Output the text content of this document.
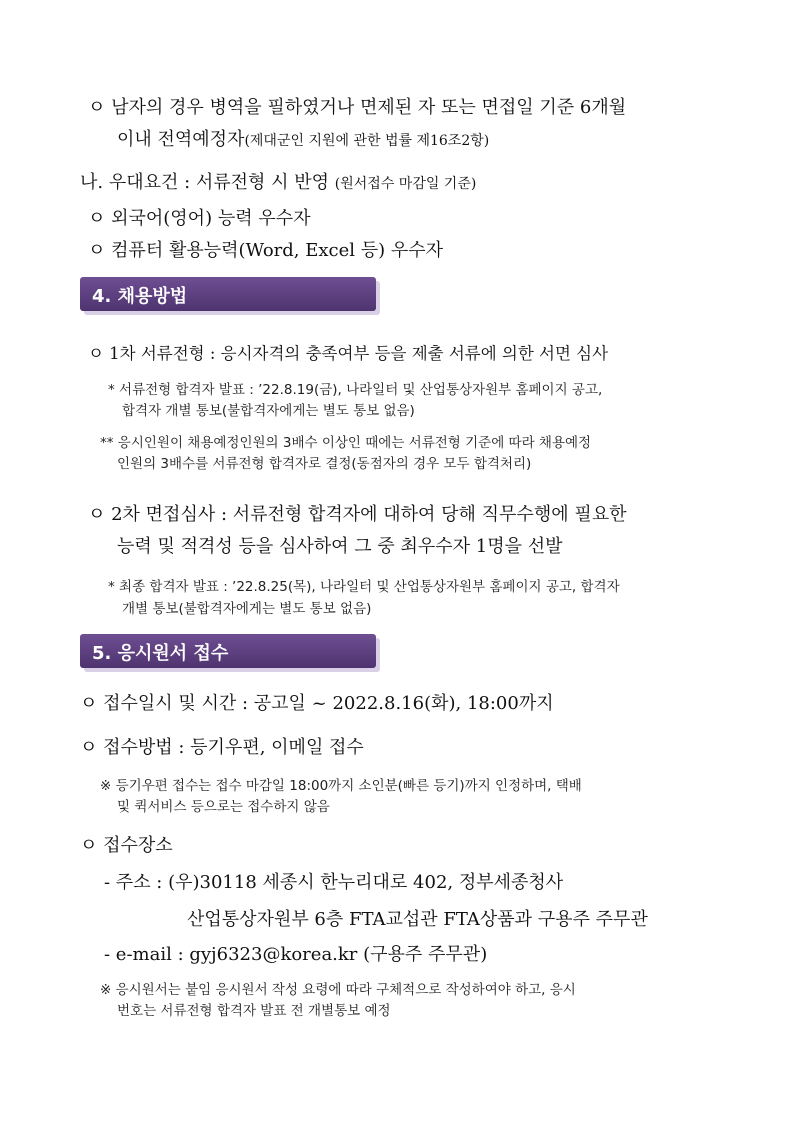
ㅇ 남자의 경우 병역을 필하였거나 면제된 자 또는 면접일 기준 6개월
이내 전역예정자(제대군인 지원에 관한 법률 제16조2항)
나. 우대요건 : 서류전형 시 반영 (원서접수 마감일 기준)
ㅇ 외국어(영어) 능력 우수자
ㅇ 컴퓨터 활용능력(Word, Excel 등) 우수자
4. 채용방법
ㅇ 1차 서류전형 : 응시자격의 충족여부 등을 제출 서류에 의한 서면 심사
* 서류전형 합격자 발표 : ’22.8.19(금), 나라일터 및 산업통상자원부 홈페이지 공고,
합격자 개별 통보(불합격자에게는 별도 통보 없음)
** 응시인원이 채용예정인원의 3배수 이상인 때에는 서류전형 기준에 따라 채용예정
인원의 3배수를 서류전형 합격자로 결정(동점자의 경우 모두 합격처리)
ㅇ 2차 면접심사 : 서류전형 합격자에 대하여 당해 직무수행에 필요한
능력 및 적격성 등을 심사하여 그 중 최우수자 1명을 선발
* 최종 합격자 발표 : ’22.8.25(목), 나라일터 및 산업통상자원부 홈페이지 공고, 합격자
개별 통보(불합격자에게는 별도 통보 없음)
5. 응시원서 접수
ㅇ 접수일시 및 시간 : 공고일 ~ 2022.8.16(화), 18:00까지
ㅇ 접수방법 : 등기우편, 이메일 접수
※ 등기우편 접수는 접수 마감일 18:00까지 소인분(빠른 등기)까지 인정하며, 택배
및 퀵서비스 등으로는 접수하지 않음
ㅇ 접수장소
- 주소 : (우)30118 세종시 한누리대로 402, 정부세종청사
산업통상자원부 6층 FTA교섭관 FTA상품과 구용주 주무관
- e-mail : gyj6323@korea.kr (구용주 주무관)
※ 응시원서는 붙임 응시원서 작성 요령에 따라 구체적으로 작성하여야 하고, 응시
번호는 서류전형 합격자 발표 전 개별통보 예정
